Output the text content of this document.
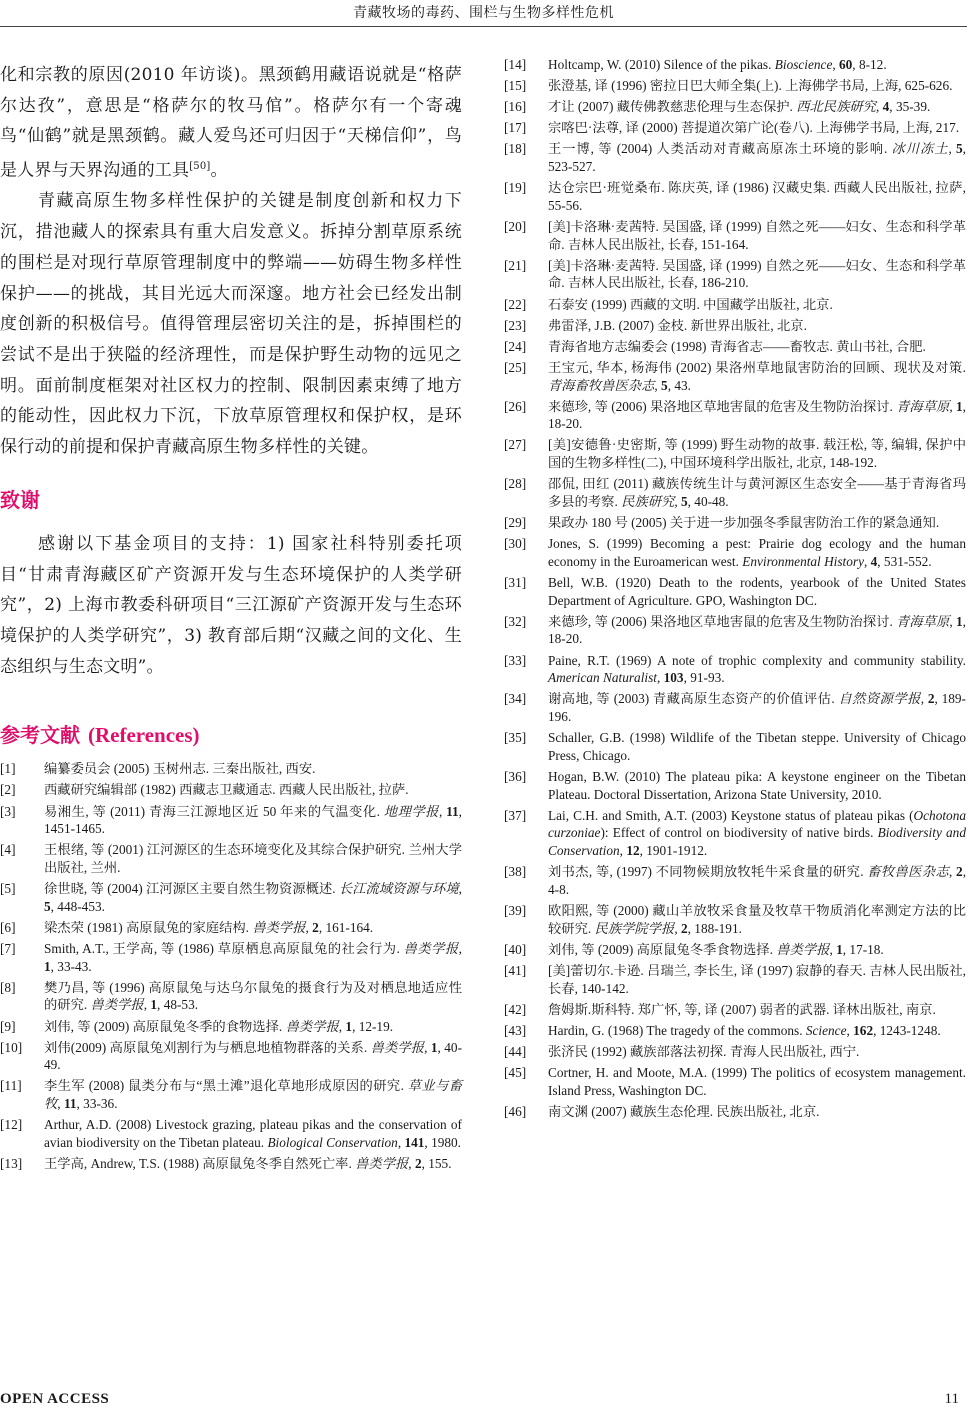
青藏牧场的毒药、围栏与生物多样性危机

化和宗教的原因(2010 年访谈)。黑颈鹤用藏语说就是“格萨尔达孜”，意思是“格萨尔的牧马倌”。格萨尔有一个寄魂鸟“仙鹤”就是黑颈鹤。藏人爱鸟还可归因于“天梯信仰”，鸟是人界与天界沟通的工具[50]。

青藏高原生物多样性保护的关键是制度创新和权力下沉，措池藏人的探索具有重大启发意义。拆掉分割草原系统的围栏是对现行草原管理制度中的弊端——妨碍生物多样性保护——的挑战，其目光远大而深邃。地方社会已经发出制度创新的积极信号。值得管理层密切关注的是，拆掉围栏的尝试不是出于狭隘的经济理性，而是保护野生动物的远见之明。面前制度框架对社区权力的控制、限制因素束缚了地方的能动性，因此权力下沉，下放草原管理权和保护权，是环保行动的前提和保护青藏高原生物多样性的关键。

致谢

感谢以下基金项目的支持：1) 国家社科特别委托项目“甘肃青海藏区矿产资源开发与生态环境保护的人类学研究”，2) 上海市教委科研项目“三江源矿产资源开发与生态环境保护的人类学研究”，3) 教育部后期“汉藏之间的文化、生态组织与生态文明”。

参考文献 (References)
[1]	编纂委员会 (2005) 玉树州志. 三秦出版社, 西安.
[2]	西藏研究编辑部 (1982) 西藏志卫藏通志. 西藏人民出版社, 拉萨.
[3]	易湘生, 等 (2011) 青海三江源地区近 50 年来的气温变化. 地理学报, 11, 1451-1465.
[4]	王根绪, 等 (2001) 江河源区的生态环境变化及其综合保护研究. 兰州大学出版社, 兰州.
[5]	徐世晓, 等 (2004) 江河源区主要自然生物资源概述. 长江流域资源与环境, 5, 448-453.
[6]	梁杰荣 (1981) 高原鼠兔的家庭结构. 兽类学报, 2, 161-164.
[7]	Smith, A.T., 王学高, 等 (1986) 草原栖息高原鼠兔的社会行为. 兽类学报, 1, 33-43.
[8]	樊乃昌, 等 (1996) 高原鼠兔与达乌尔鼠兔的摄食行为及对栖息地适应性的研究. 兽类学报, 1, 48-53.
[9]	刘伟, 等 (2009) 高原鼠兔冬季的食物选择. 兽类学报, 1, 12-19.
[10]	刘伟(2009) 高原鼠兔刈割行为与栖息地植物群落的关系. 兽类学报, 1, 40-49.
[11]	李生军 (2008) 鼠类分布与“黑土滩”退化草地形成原因的研究. 草业与畜牧, 11, 33-36.
[12]	Arthur, A.D. (2008) Livestock grazing, plateau pikas and the conservation of avian biodiversity on the Tibetan plateau. Biological Conservation, 141, 1980.
[13]	王学高, Andrew, T.S. (1988) 高原鼠兔冬季自然死亡率. 兽类学报, 2, 155.
[14]	Holtcamp, W. (2010) Silence of the pikas. Bioscience, 60, 8-12.
[15]	张澄基, 译 (1996) 密拉日巴大师全集(上). 上海佛学书局, 上海, 625-626.
[16]	才让 (2007) 藏传佛教慈悲伦理与生态保护. 西北民族研究, 4, 35-39.
[17]	宗喀巴·法尊, 译 (2000) 菩提道次第广论(卷八). 上海佛学书局, 上海, 217.
[18]	王一博, 等 (2004) 人类活动对青藏高原冻土环境的影响. 冰川冻土, 5, 523-527.
[19]	达仓宗巴·班觉桑布. 陈庆英, 译 (1986) 汉藏史集. 西藏人民出版社, 拉萨, 55-56.
[20]	[美]卡洛琳·麦茜特. 吴国盛, 译 (1999) 自然之死——妇女、生态和科学革命. 吉林人民出版社, 长春, 151-164.
[21]	[美]卡洛琳·麦茜特. 吴国盛, 译 (1999) 自然之死——妇女、生态和科学革命. 吉林人民出版社, 长春, 186-210.
[22]	石泰安 (1999) 西藏的文明. 中国藏学出版社, 北京.
[23]	弗雷泽, J.B. (2007) 金枝. 新世界出版社, 北京.
[24]	青海省地方志编委会 (1998) 青海省志——畜牧志. 黄山书社, 合肥.
[25]	王宝元, 华本, 杨海伟 (2002) 果洛州草地鼠害防治的回顾、现状及对策. 青海畜牧兽医杂志, 5, 43.
[26]	来德珍, 等 (2006) 果洛地区草地害鼠的危害及生物防治探讨. 青海草原, 1, 18-20.
[27]	[美]安德鲁·史密斯, 等 (1999) 野生动物的故事. 载汪松, 等, 编辑, 保护中国的生物多样性(二), 中国环境科学出版社, 北京, 148-192.
[28]	邵侃, 田红 (2011) 藏族传统生计与黄河源区生态安全——基于青海省玛多县的考察. 民族研究, 5, 40-48.
[29]	果政办 180 号 (2005) 关于进一步加强冬季鼠害防治工作的紧急通知.
[30]	Jones, S. (1999) Becoming a pest: Prairie dog ecology and the human economy in the Euroamerican west. Environmental History, 4, 531-552.
[31]	Bell, W.B. (1920) Death to the rodents, yearbook of the United States Department of Agriculture. GPO, Washington DC.
[32]	来德珍, 等 (2006) 果洛地区草地害鼠的危害及生物防治探讨. 青海草原, 1, 18-20.
[33]	Paine, R.T. (1969) A note of trophic complexity and community stability. American Naturalist, 103, 91-93.
[34]	谢高地, 等 (2003) 青藏高原生态资产的价值评估. 自然资源学报, 2, 189-196.
[35]	Schaller, G.B. (1998) Wildlife of the Tibetan steppe. University of Chicago Press, Chicago.
[36]	Hogan, B.W. (2010) The plateau pika: A keystone engineer on the Tibetan Plateau. Doctoral Dissertation, Arizona State University, 2010.
[37]	Lai, C.H. and Smith, A.T. (2003) Keystone status of plateau pikas (Ochotona curzoniae): Effect of control on biodiversity of native birds. Biodiversity and Conservation, 12, 1901-1912.
[38]	刘书杰, 等, (1997) 不同物候期放牧牦牛采食量的研究. 畜牧兽医杂志, 2, 4-8.
[39]	欧阳熙, 等 (2000) 藏山羊放牧采食量及牧草干物质消化率测定方法的比较研究. 民族学院学报, 2, 188-191.
[40]	刘伟, 等 (2009) 高原鼠兔冬季食物选择. 兽类学报, 1, 17-18.
[41]	[美]蕾切尔.卡逊. 吕瑞兰, 李长生, 译 (1997) 寂静的春天. 吉林人民出版社, 长春, 140-142.
[42]	詹姆斯.斯科特. 郑广怀, 等, 译 (2007) 弱者的武器. 译林出版社, 南京.
[43]	Hardin, G. (1968) The tragedy of the commons. Science, 162, 1243-1248.
[44]	张济民 (1992) 藏族部落法初探. 青海人民出版社, 西宁.
[45]	Cortner, H. and Moote, M.A. (1999) The politics of ecosystem management. Island Press, Washington DC.
[46]	南文渊 (2007) 藏族生态伦理. 民族出版社, 北京.
OPEN ACCESS	11
